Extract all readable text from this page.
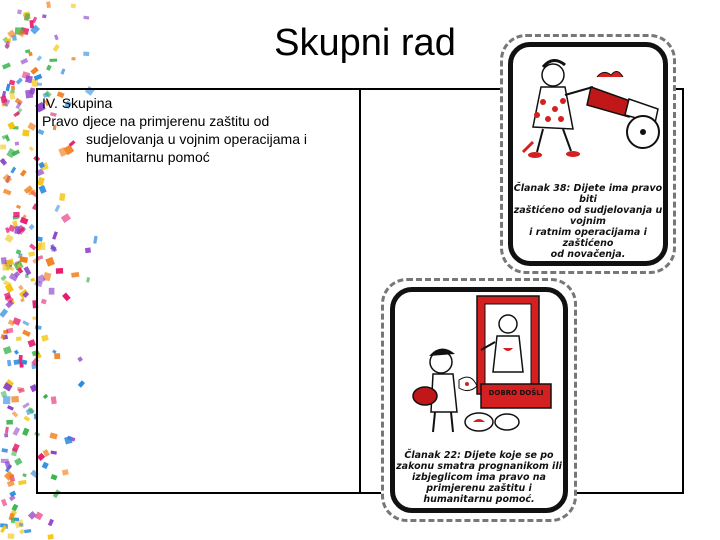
Skupni rad
IV. Skupina
Pravo djece na primjerenu zaštitu od
sudjelovanja u vojnim operacijama i
humanitarnu pomoć
Članak 38: Dijete ima pravo biti
zaštićeno od sudjelovanja u vojnim
i ratnim operacijama i zaštićeno
od novačenja.
DOBRO DOŠLI
Članak 22: Dijete koje se po
zakonu smatra prognanikom ili
izbjeglicom ima pravo na
primjerenu zaštitu i
humanitarnu pomoć.
